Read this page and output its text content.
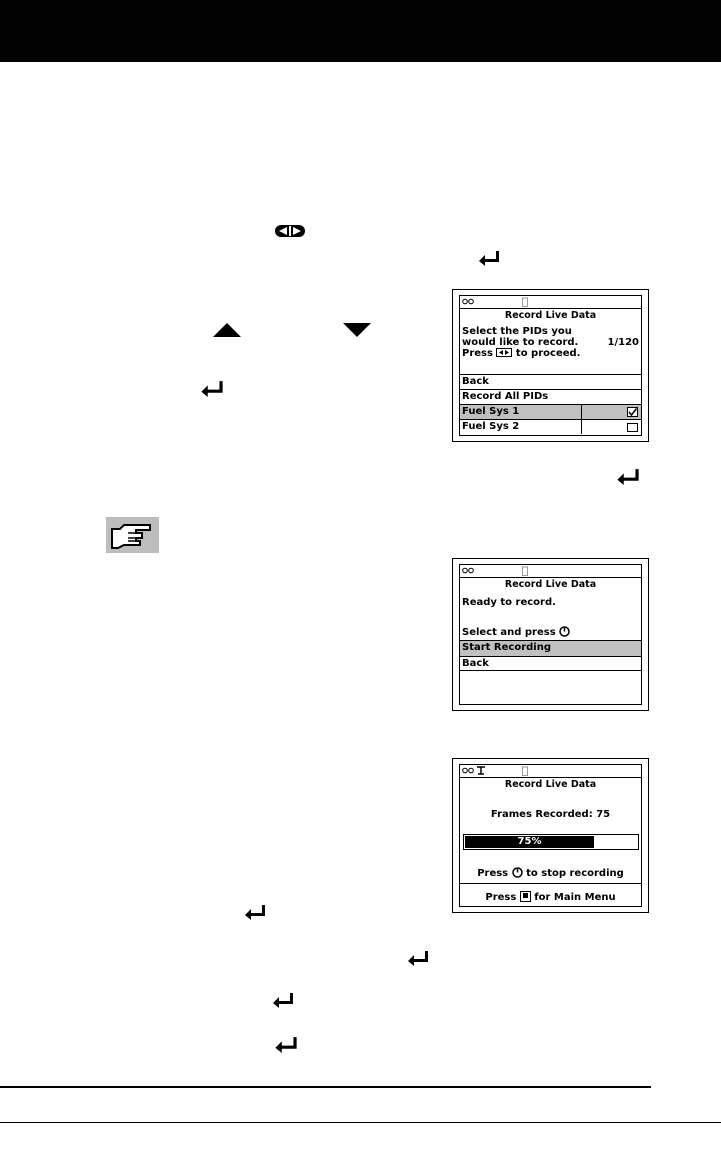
Record Live Data
Select the PIDs you
would like to record.	1/120
Press to proceed.
Back
Record All PIDs
Fuel Sys 1
Fuel Sys 2
Record Live Data
Ready to record.
Select and press
Start Recording
Back
Record Live Data
Frames Recorded: 75
75%
Press to stop recording
Press for Main Menu
